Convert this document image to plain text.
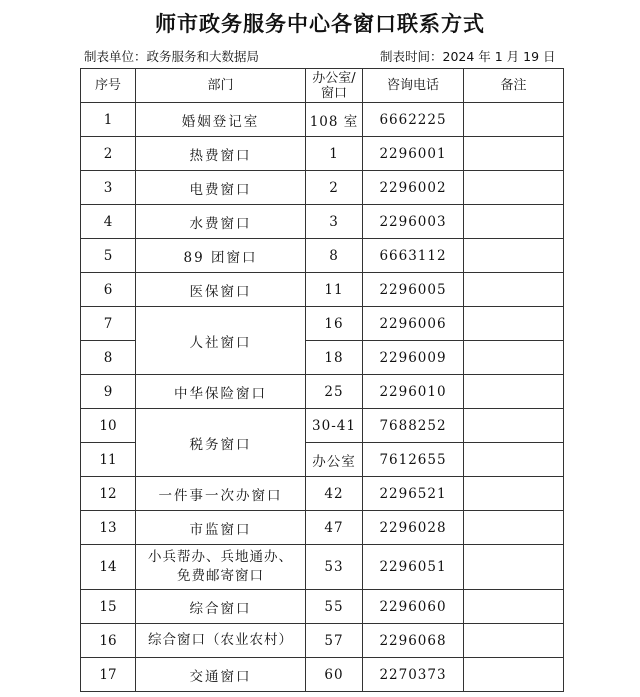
师市政务服务中心各窗口联系方式
制表单位：政务服务和大数据局	制表时间：2024 年 1 月 19 日
序号	部门	办公室/
窗口	咨询电话	备注
1	婚姻登记室	108 室	6662225	
2	热费窗口	1	2296001	
3	电费窗口	2	2296002	
4	水费窗口	3	2296003	
5	89 团窗口	8	6663112	
6	医保窗口	11	2296005	
7	人社窗口	16	2296006	
8		18	2296009	
9	中华保险窗口	25	2296010	
10	税务窗口	30-41	7688252	
11		办公室	7612655	
12	一件事一次办窗口	42	2296521	
13	市监窗口	47	2296028	
14	小兵帮办、兵地通办、
免费邮寄窗口	53	2296051	
15	综合窗口	55	2296060	
16	综合窗口（农业农村）	57	2296068	
17	交通窗口	60	2270373	
